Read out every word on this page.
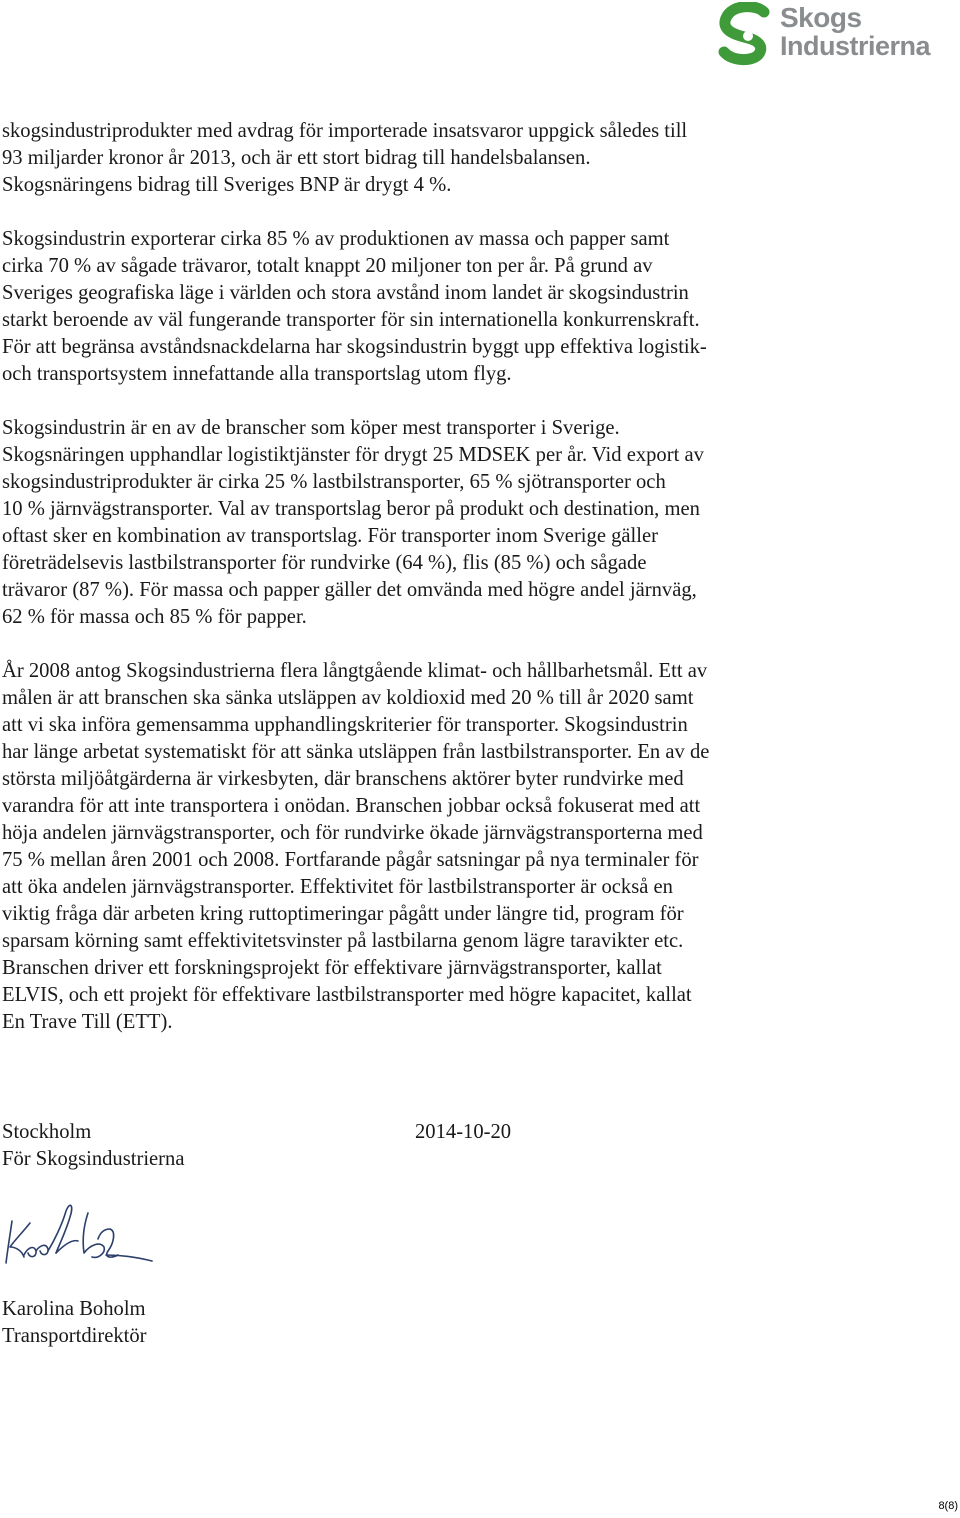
Skogs
Industrierna
skogsindustriprodukter med avdrag för importerade insatsvaror uppgick således till
93 miljarder kronor år 2013, och är ett stort bidrag till handelsbalansen.
Skogsnäringens bidrag till Sveriges BNP är drygt 4 %.
Skogsindustrin exporterar cirka 85 % av produktionen av massa och papper samt
cirka 70 % av sågade trävaror, totalt knappt 20 miljoner ton per år. På grund av
Sveriges geografiska läge i världen och stora avstånd inom landet är skogsindustrin
starkt beroende av väl fungerande transporter för sin internationella konkurrenskraft.
För att begränsa avståndsnackdelarna har skogsindustrin byggt upp effektiva logistik-
och transportsystem innefattande alla transportslag utom flyg.
Skogsindustrin är en av de branscher som köper mest transporter i Sverige.
Skogsnäringen upphandlar logistiktjänster för drygt 25 MDSEK per år. Vid export av
skogsindustriprodukter är cirka 25 % lastbilstransporter, 65 % sjötransporter och
10 % järnvägstransporter. Val av transportslag beror på produkt och destination, men
oftast sker en kombination av transportslag. För transporter inom Sverige gäller
företrädelsevis lastbilstransporter för rundvirke (64 %), flis (85 %) och sågade
trävaror (87 %). För massa och papper gäller det omvända med högre andel järnväg,
62 % för massa och 85 % för papper.
År 2008 antog Skogsindustrierna flera långtgående klimat- och hållbarhetsmål. Ett av
målen är att branschen ska sänka utsläppen av koldioxid med 20 % till år 2020 samt
att vi ska införa gemensamma upphandlingskriterier för transporter. Skogsindustrin
har länge arbetat systematiskt för att sänka utsläppen från lastbilstransporter. En av de
största miljöåtgärderna är virkesbyten, där branschens aktörer byter rundvirke med
varandra för att inte transportera i onödan. Branschen jobbar också fokuserat med att
höja andelen järnvägstransporter, och för rundvirke ökade järnvägstransporterna med
75 % mellan åren 2001 och 2008. Fortfarande pågår satsningar på nya terminaler för
att öka andelen järnvägstransporter. Effektivitet för lastbilstransporter är också en
viktig fråga där arbeten kring ruttoptimeringar pågått under längre tid, program för
sparsam körning samt effektivitetsvinster på lastbilarna genom lägre taravikter etc.
Branschen driver ett forskningsprojekt för effektivare järnvägstransporter, kallat
ELVIS, och ett projekt för effektivare lastbilstransporter med högre kapacitet, kallat
En Trave Till (ETT).
Stockholm
För Skogsindustrierna
2014-10-20
Karolina Boholm
Transportdirektör
8(8)
